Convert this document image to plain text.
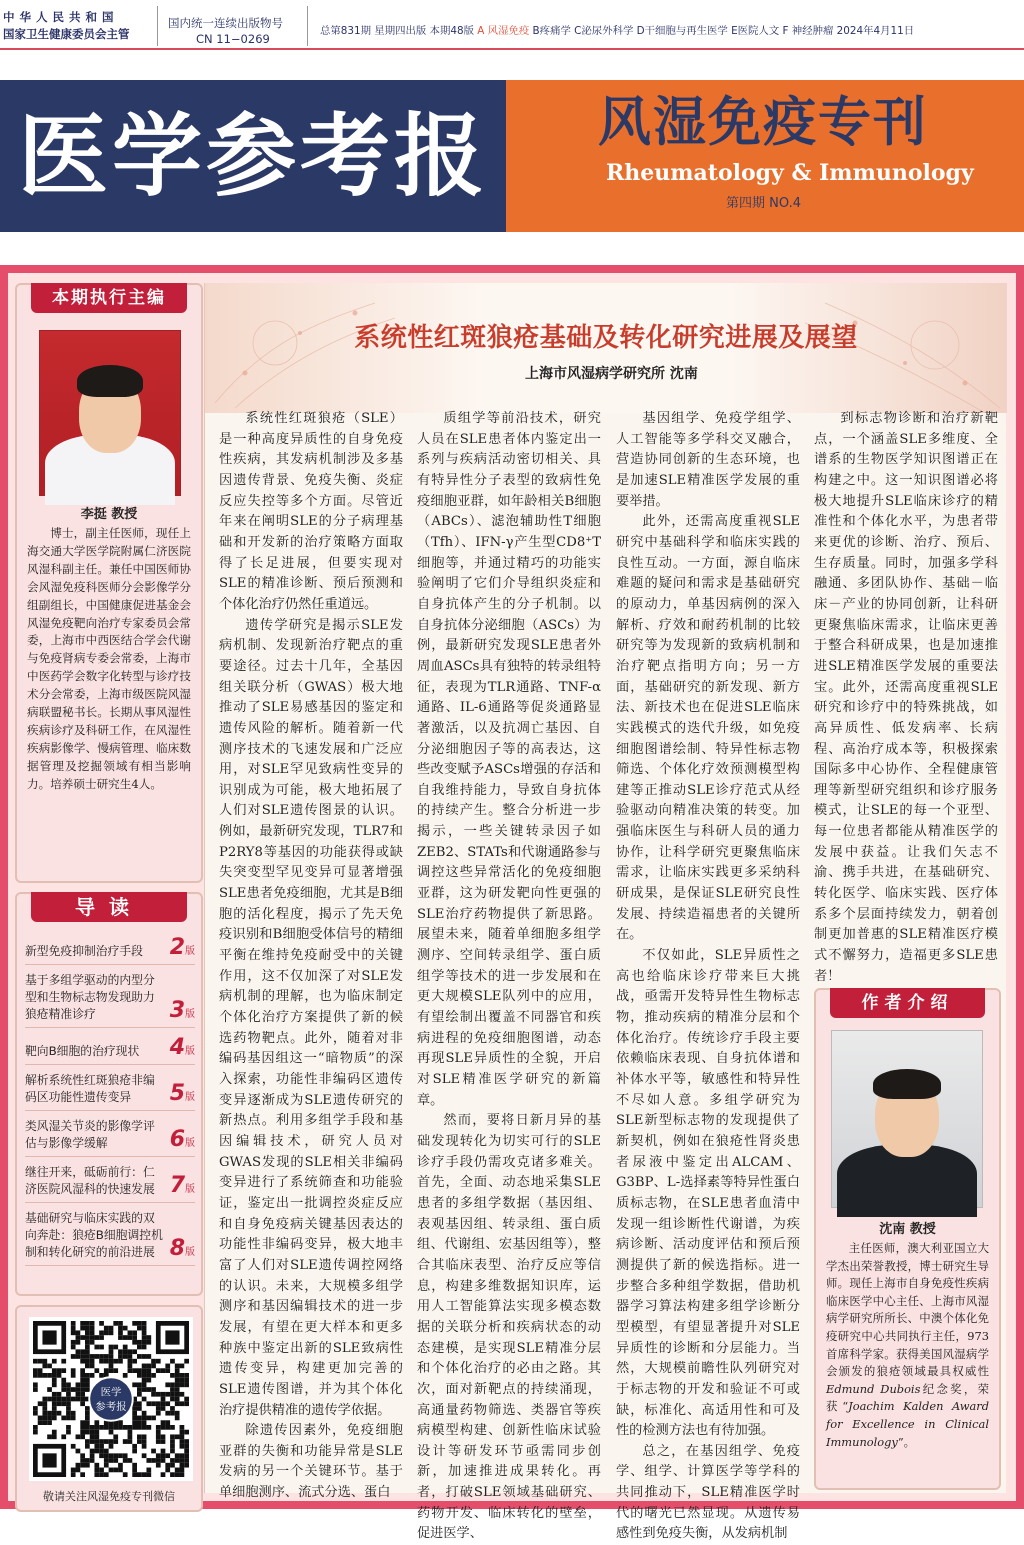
中华人民共和国
国家卫生健康委员会主管
国内统一连续出版物号
CN 11−0269
总第831期 星期四出版 本期48版 A 风湿免疫 B疼痛学 C泌尿外科学 D干细胞与再生医学 E医院人文 F 神经肿瘤 2024年4月11日
医学参考报 风湿免疫专刊
Rheumatology & Immunology
第四期 NO.4
本期执行主编
李挺 教授
博士，副主任医师，现任上海交通大学医学院附属仁济医院风湿科副主任。兼任中国医师协会风湿免疫科医师分会影像学分组副组长，中国健康促进基金会风湿免疫靶向治疗专家委员会常委，上海市中西医结合学会代谢与免疫肾病专委会常委，上海市中医药学会数字化转型与诊疗技术分会常委，上海市级医院风湿病联盟秘书长。长期从事风湿性疾病诊疗及科研工作，在风湿性疾病影像学、慢病管理、临床数据管理及挖掘领域有相当影响力。培养硕士研究生4人。
导读
新型免疫抑制治疗手段	2版
基于多组学驱动的内型分型和生物标志物发现助力狼疮精准诊疗	3版
靶向B细胞的治疗现状	4版
解析系统性红斑狼疮非编码区功能性遗传变异	5版
类风湿关节炎的影像学评估与影像学缓解	6版
继往开来，砥砺前行：仁济医院风湿科的快速发展 7版
基础研究与临床实践的双向奔赴：狼疮B细胞调控机制和转化研究的前沿进展 8版
医学
参考报
敬请关注风湿免疫专刊微信
系统性红斑狼疮基础及转化研究进展及展望
上海市风湿病学研究所 沈南

系统性红斑狼疮（SLE）是一种高度异质性的自身免疫性疾病，其发病机制涉及多基因遗传背景、免疫失衡、炎症反应失控等多个方面。尽管近年来在阐明SLE的分子病理基础和开发新的治疗策略方面取得了长足进展，但要实现对SLE的精准诊断、预后预测和个体化治疗仍然任重道远。

遗传学研究是揭示SLE发病机制、发现新治疗靶点的重要途径。过去十几年，全基因组关联分析（GWAS）极大地推动了SLE易感基因的鉴定和遗传风险的解析。随着新一代测序技术的飞速发展和广泛应用，对SLE罕见致病性变异的识别成为可能，极大地拓展了人们对SLE遗传图景的认识。例如，最新研究发现，TLR7和P2RY8等基因的功能获得或缺失突变型罕见变异可显著增强SLE患者免疫细胞，尤其是B细胞的活化程度，揭示了先天免疫识别和B细胞受体信号的精细平衡在维持免疫耐受中的关键作用，这不仅加深了对SLE发病机制的理解，也为临床制定个体化治疗方案提供了新的候选药物靶点。此外，随着对非编码基因组这一“暗物质”的深入探索，功能性非编码区遗传变异逐渐成为SLE遗传研究的新热点。利用多组学手段和基因编辑技术，研究人员对GWAS发现的SLE相关非编码变异进行了系统筛查和功能验证，鉴定出一批调控炎症反应和自身免疫病关键基因表达的功能性非编码变异，极大地丰富了人们对SLE遗传调控网络的认识。未来，大规模多组学测序和基因编辑技术的进一步发展，有望在更大样本和更多种族中鉴定出新的SLE致病性遗传变异，构建更加完善的SLE遗传图谱，并为其个体化治疗提供精准的遗传学依据。

除遗传因素外，免疫细胞亚群的失衡和功能异常是SLE发病的另一个关键环节。基于单细胞测序、流式分选、蛋白

质组学等前沿技术，研究人员在SLE患者体内鉴定出一系列与疾病活动密切相关、具有特异性分子表型的致病性免疫细胞亚群，如年龄相关B细胞（ABCs）、滤泡辅助性T细胞（Tfh）、IFN-γ产生型CD8⁺T细胞等，并通过精巧的功能实验阐明了它们介导组织炎症和自身抗体产生的分子机制。以自身抗体分泌细胞（ASCs）为例，最新研究发现SLE患者外周血ASCs具有独特的转录组特征，表现为TLR通路、TNF-α通路、IL-6通路等促炎通路显著激活，以及抗凋亡基因、自分泌细胞因子等的高表达，这些改变赋予ASCs增强的存活和自我维持能力，导致自身抗体的持续产生。整合分析进一步揭示，一些关键转录因子如ZEB2、STATs和代谢通路参与调控这些异常活化的免疫细胞亚群，这为研发靶向性更强的SLE治疗药物提供了新思路。展望未来，随着单细胞多组学测序、空间转录组学、蛋白质组学等技术的进一步发展和在更大规模SLE队列中的应用，有望绘制出覆盖不同器官和疾病进程的免疫细胞图谱，动态再现SLE异质性的全貌，开启对SLE精准医学研究的新篇章。

然而，要将日新月异的基础发现转化为切实可行的SLE诊疗手段仍需攻克诸多难关。首先，全面、动态地采集SLE患者的多组学数据（基因组、表观基因组、转录组、蛋白质组、代谢组、宏基因组等），整合其临床表型、治疗反应等信息，构建多维数据知识库，运用人工智能算法实现多模态数据的关联分析和疾病状态的动态建模，是实现SLE精准分层和个体化治疗的必由之路。其次，面对新靶点的持续涌现，高通量药物筛选、类器官等疾病模型构建、创新性临床试验设计等研发环节亟需同步创新，加速推进成果转化。再者，打破SLE领域基础研究、药物开发、临床转化的壁垒，促进医学、

基因组学、免疫学组学、人工智能等多学科交叉融合，营造协同创新的生态环境，也是加速SLE精准医学发展的重要举措。

此外，还需高度重视SLE研究中基础科学和临床实践的良性互动。一方面，源自临床难题的疑问和需求是基础研究的原动力，单基因病例的深入解析、疗效和耐药机制的比较研究等为发现新的致病机制和治疗靶点指明方向；另一方面，基础研究的新发现、新方法、新技术也在促进SLE临床实践模式的迭代升级，如免疫细胞图谱绘制、特异性标志物筛选、个体化疗效预测模型构建等正推动SLE诊疗范式从经验驱动向精准决策的转变。加强临床医生与科研人员的通力协作，让科学研究更聚焦临床需求，让临床实践更多采纳科研成果，是保证SLE研究良性发展、持续造福患者的关键所在。

不仅如此，SLE异质性之高也给临床诊疗带来巨大挑战，亟需开发特异性生物标志物，推动疾病的精准分层和个体化治疗。传统诊疗手段主要依赖临床表现、自身抗体谱和补体水平等，敏感性和特异性不尽如人意。多组学研究为SLE新型标志物的发现提供了新契机，例如在狼疮性肾炎患者尿液中鉴定出ALCAM、G3BP、L-选择素等特异性蛋白质标志物，在SLE患者血清中发现一组诊断性代谢谱，为疾病诊断、活动度评估和预后预测提供了新的候选指标。进一步整合多种组学数据，借助机器学习算法构建多组学诊断分型模型，有望显著提升对SLE异质性的诊断和分层能力。当然，大规模前瞻性队列研究对于标志物的开发和验证不可或缺，标准化、高适用性和可及性的检测方法也有待加强。

总之，在基因组学、免疫学、组学、计算医学等学科的共同推动下，SLE精准医学时代的曙光已然显现。从遗传易感性到免疫失衡，从发病机制

到标志物诊断和治疗新靶点，一个涵盖SLE多维度、全谱系的生物医学知识图谱正在构建之中。这一知识图谱必将极大地提升SLE临床诊疗的精准性和个体化水平，为患者带来更优的诊断、治疗、预后、生存质量。同时，加强多学科融通、多团队协作、基础－临床－产业的协同创新，让科研更聚焦临床需求，让临床更善于整合科研成果，也是加速推进SLE精准医学发展的重要法宝。此外，还需高度重视SLE研究和诊疗中的特殊挑战，如高异质性、低发病率、长病程、高治疗成本等，积极探索国际多中心协作、全程健康管理等新型研究组织和诊疗服务模式，让SLE的每一个亚型、每一位患者都能从精准医学的发展中获益。让我们矢志不渝、携手共进，在基础研究、转化医学、临床实践、医疗体系多个层面持续发力，朝着创制更加普惠的SLE精准医疗模式不懈努力，造福更多SLE患者！

作者介绍
沈南 教授
主任医师，澳大利亚国立大学杰出荣誉教授，博士研究生导师。现任上海市自身免疫性疾病临床医学中心主任、上海市风湿病学研究所所长、中澳个体化免疫研究中心共同执行主任，973首席科学家。获得美国风湿病学会颁发的狼疮领域最具权威性Edmund Dubois纪念奖，荣获“Joachim Kalden Award for Excellence in Clinical Immunology”。
